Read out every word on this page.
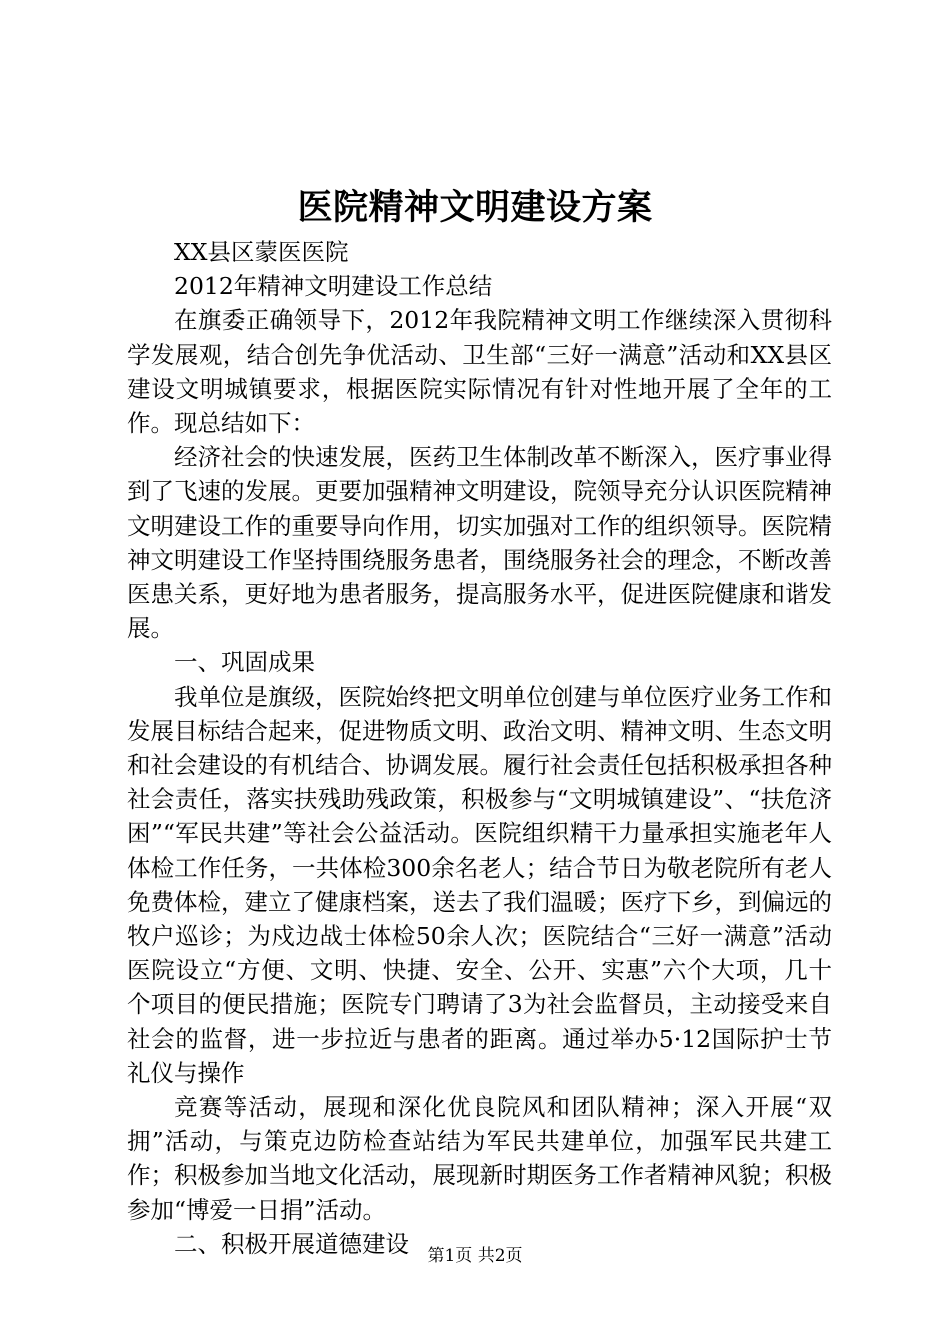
医院精神文明建设方案

XX县区蒙医医院

2012年精神文明建设工作总结

在旗委正确领导下，2012年我院精神文明工作继续深入贯彻科学发展观，结合创先争优活动、卫生部“三好一满意”活动和XX县区建设文明城镇要求，根据医院实际情况有针对性地开展了全年的工作。现总结如下：

经济社会的快速发展，医药卫生体制改革不断深入，医疗事业得到了飞速的发展。更要加强精神文明建设，院领导充分认识医院精神文明建设工作的重要导向作用，切实加强对工作的组织领导。医院精神文明建设工作坚持围绕服务患者，围绕服务社会的理念，不断改善医患关系，更好地为患者服务，提高服务水平，促进医院健康和谐发展。

一、巩固成果

我单位是旗级，医院始终把文明单位创建与单位医疗业务工作和发展目标结合起来，促进物质文明、政治文明、精神文明、生态文明和社会建设的有机结合、协调发展。履行社会责任包括积极承担各种社会责任，落实扶残助残政策，积极参与“文明城镇建设”、“扶危济困”“军民共建”等社会公益活动。医院组织精干力量承担实施老年人体检工作任务，一共体检300余名老人；结合节日为敬老院所有老人免费体检，建立了健康档案，送去了我们温暖；医疗下乡，到偏远的牧户巡诊；为戍边战士体检50余人次；医院结合“三好一满意”活动医院设立“方便、文明、快捷、安全、公开、实惠”六个大项，几十个项目的便民措施；医院专门聘请了3为社会监督员，主动接受来自社会的监督，进一步拉近与患者的距离。通过举办5·12国际护士节礼仪与操作

竞赛等活动，展现和深化优良院风和团队精神；深入开展“双拥”活动，与策克边防检查站结为军民共建单位，加强军民共建工作；积极参加当地文化活动，展现新时期医务工作者精神风貌；积极参加“博爱一日捐”活动。

二、积极开展道德建设	第1页 共2页
